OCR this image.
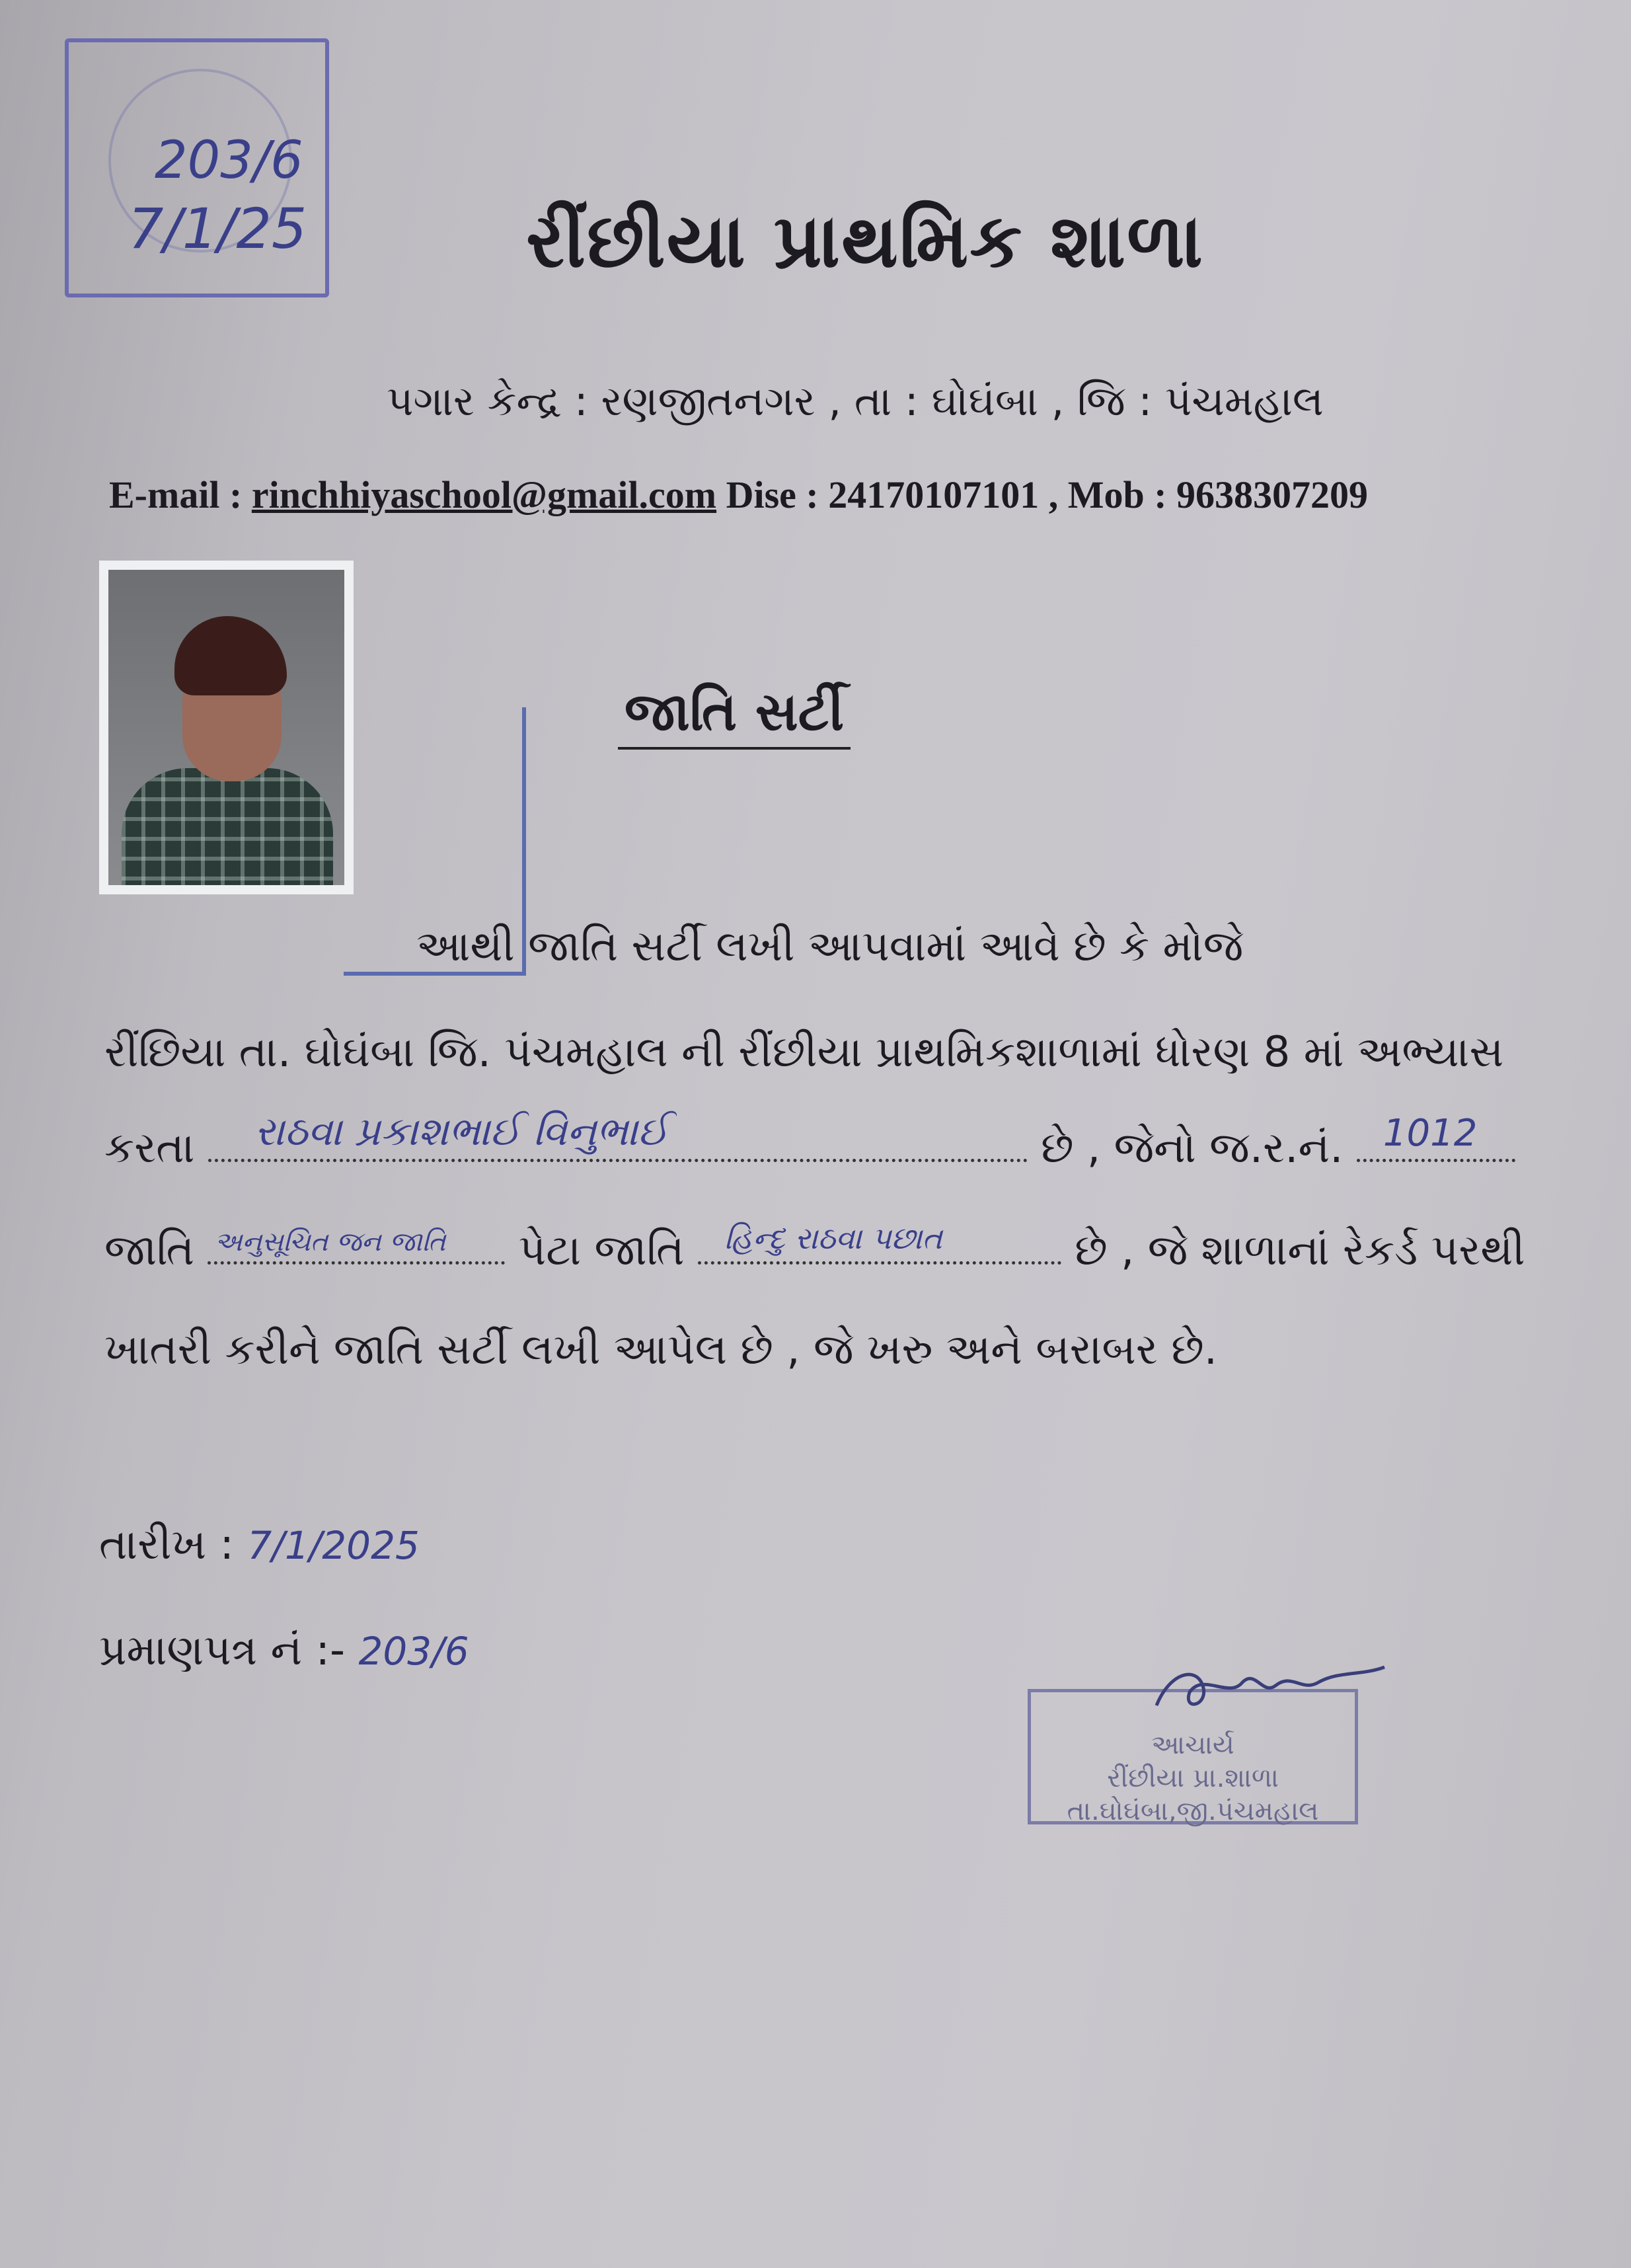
203/6
7/1/25	રીંછીયા પ્રાથમિક શાળા
પગાર કેન્દ્ર : રણજીતનગર , તા : ઘોઘંબા , જિ : પંચમહાલ
E-mail : rinchhiyaschool@gmail.com Dise : 24170107101 , Mob : 9638307209
જાતિ સર્ટી
આથી જાતિ સર્ટી લખી આપવામાં આવે છે કે મોજે
રીંછિયા તા. ઘોઘંબા જિ. પંચમહાલ ની રીંછીયા પ્રાથમિકશાળામાં ધોરણ 8 માં અભ્યાસ
કરતા રાઠવા પ્રકાશભાઈ વિનુભાઈ	છે , જેનો જ.ર.નં. 1012
જાતિ અનુસૂચિત જન જાતિ પેટા જાતિ હિન્દુ રાઠવા પછાત	છે , જે શાળાનાં રેકર્ડ પરથી
ખાતરી કરીને જાતિ સર્ટી લખી આપેલ છે , જે ખરુ અને બરાબર છે.
તારીખ : 7/1/2025
પ્રમાણપત્ર નં :- 203/6
આચાર્ય
રીંછીયા પ્રા.શાળા
તા.ઘોઘંબા,જી.પંચમહાલ
